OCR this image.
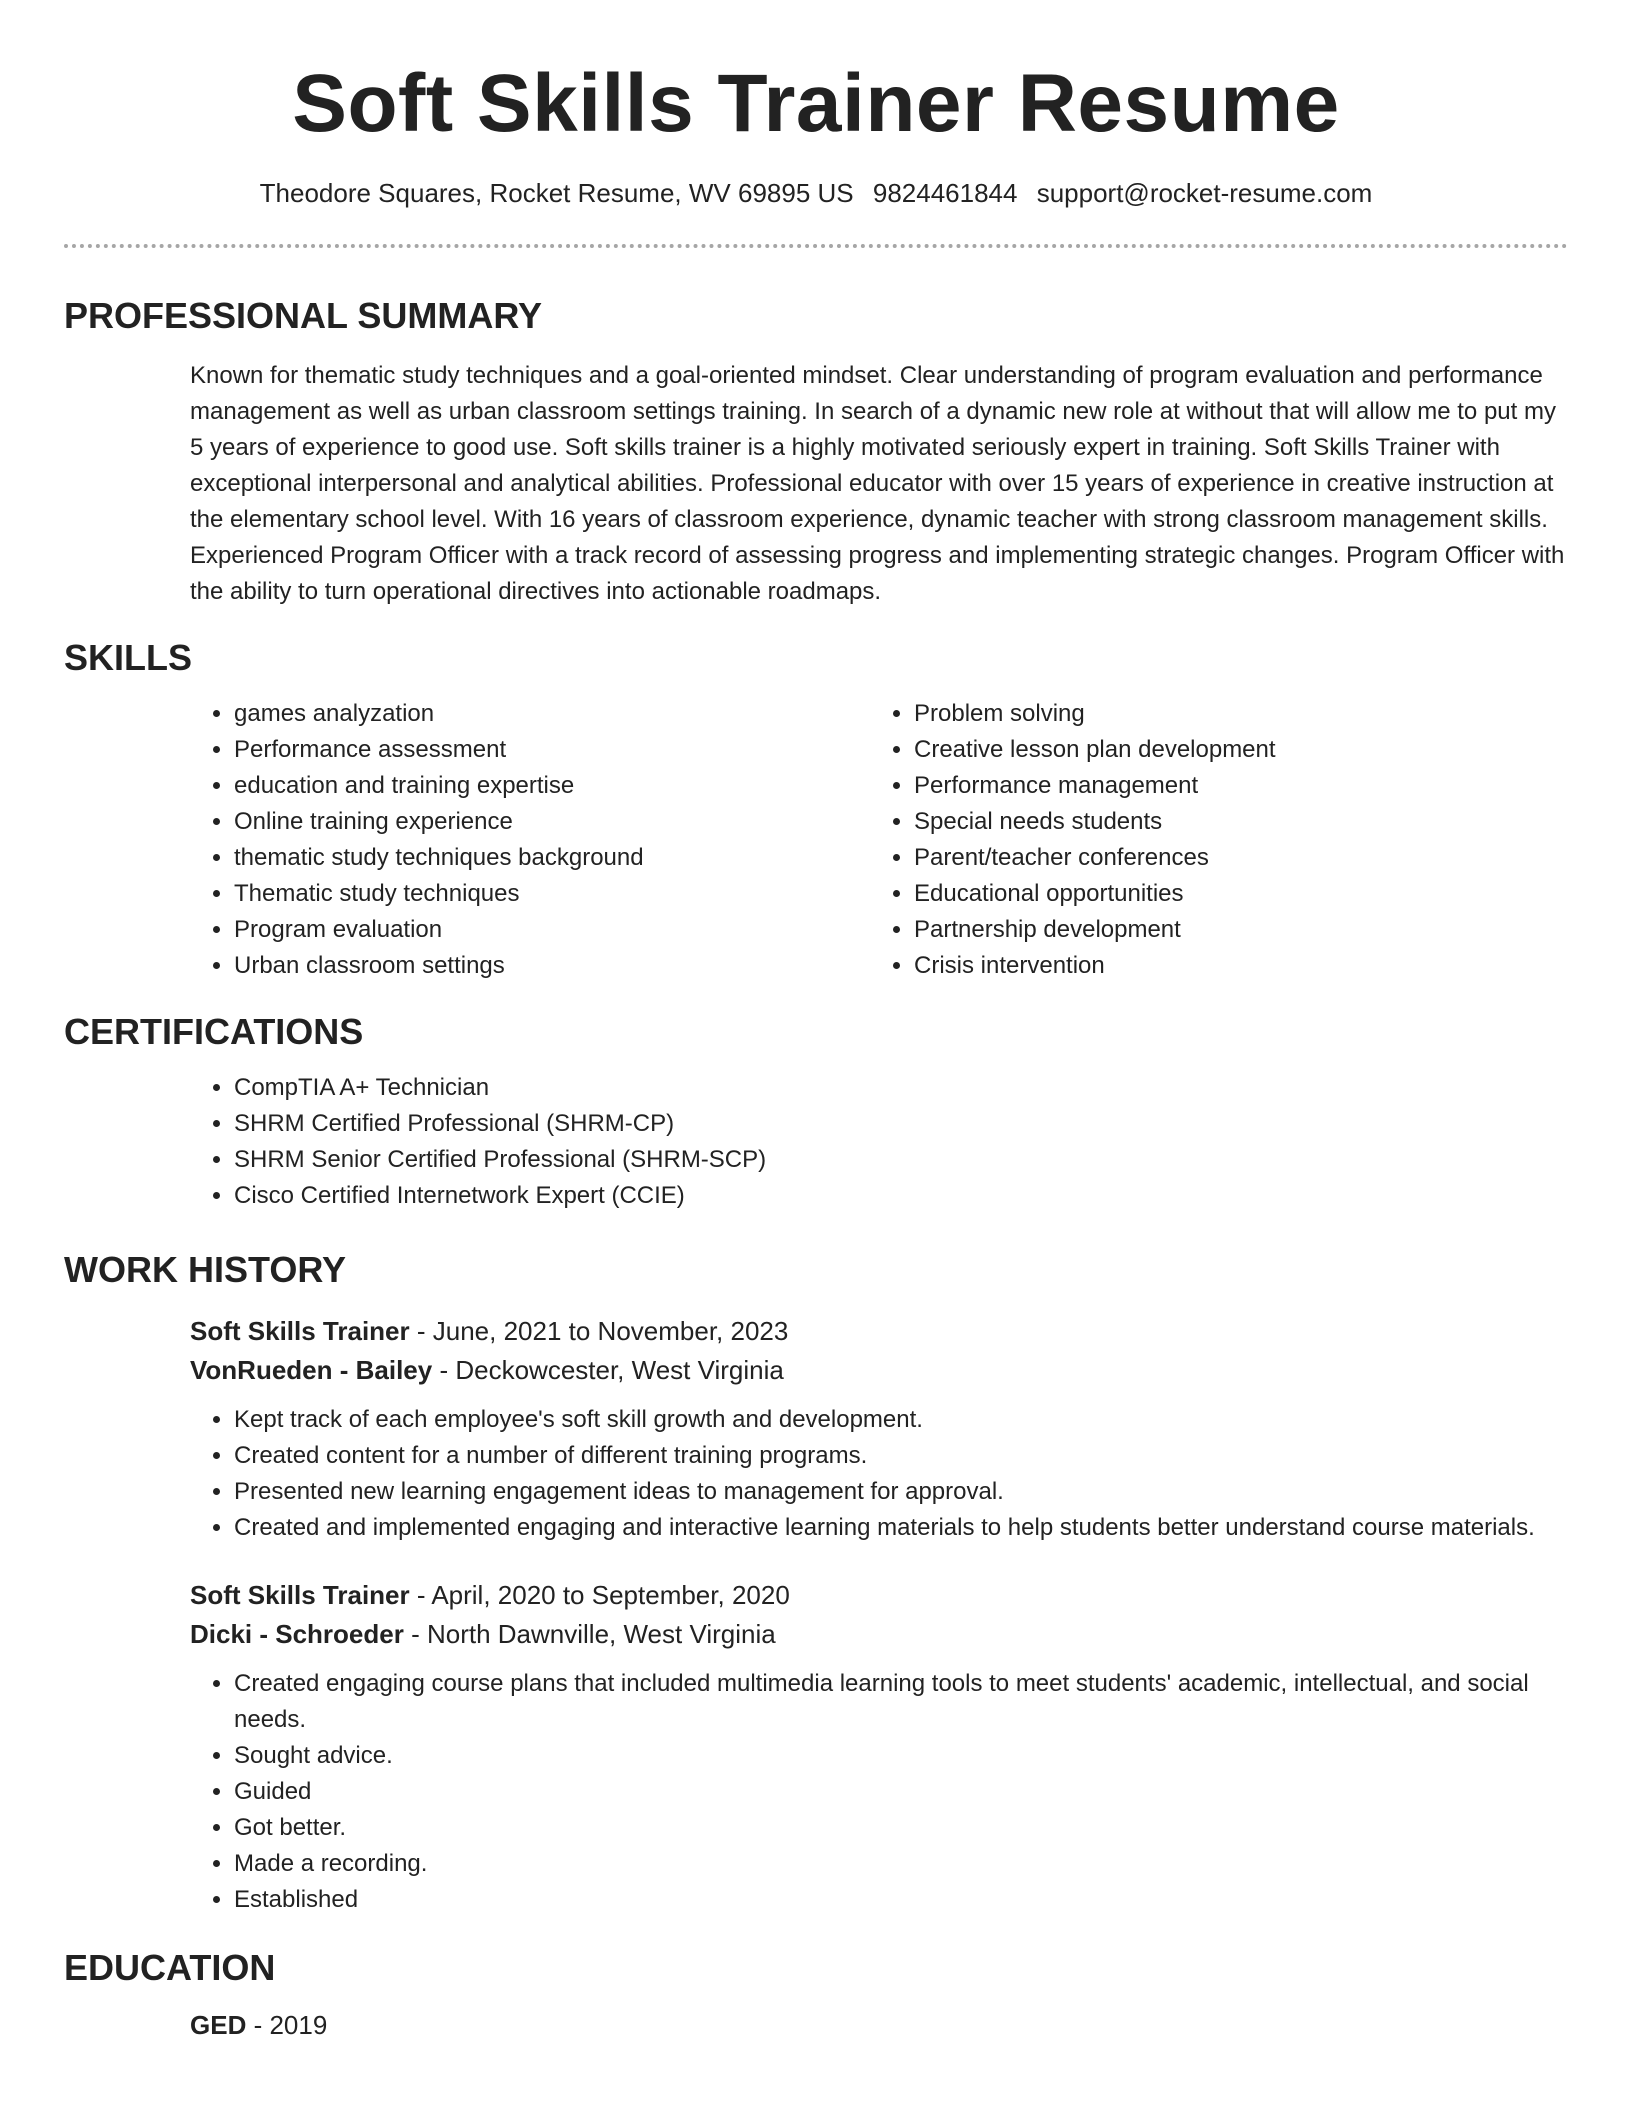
Soft Skills Trainer Resume
Theodore Squares, Rocket Resume, WV 69895 US 9824461844 support@rocket-resume.com
PROFESSIONAL SUMMARY
Known for thematic study techniques and a goal-oriented mindset. Clear understanding of program evaluation and performance management as well as urban classroom settings training. In search of a dynamic new role at without that will allow me to put my 5 years of experience to good use. Soft skills trainer is a highly motivated seriously expert in training. Soft Skills Trainer with exceptional interpersonal and analytical abilities. Professional educator with over 15 years of experience in creative instruction at the elementary school level. With 16 years of classroom experience, dynamic teacher with strong classroom management skills. Experienced Program Officer with a track record of assessing progress and implementing strategic changes. Program Officer with the ability to turn operational directives into actionable roadmaps.
SKILLS
• games analyzation
• Performance assessment
• education and training expertise
• Online training experience
• thematic study techniques background
• Thematic study techniques
• Program evaluation
• Urban classroom settings
• Problem solving
• Creative lesson plan development
• Performance management
• Special needs students
• Parent/teacher conferences
• Educational opportunities
• Partnership development
• Crisis intervention
CERTIFICATIONS
• CompTIA A+ Technician
• SHRM Certified Professional (SHRM-CP)
• SHRM Senior Certified Professional (SHRM-SCP)
• Cisco Certified Internetwork Expert (CCIE)
WORK HISTORY
Soft Skills Trainer - June, 2021 to November, 2023
VonRueden - Bailey - Deckowcester, West Virginia
• Kept track of each employee's soft skill growth and development.
• Created content for a number of different training programs.
• Presented new learning engagement ideas to management for approval.
• Created and implemented engaging and interactive learning materials to help students better understand course materials.
Soft Skills Trainer - April, 2020 to September, 2020
Dicki - Schroeder - North Dawnville, West Virginia
• Created engaging course plans that included multimedia learning tools to meet students' academic, intellectual, and social needs.
• Sought advice.
• Guided
• Got better.
• Made a recording.
• Established
EDUCATION
GED - 2019
